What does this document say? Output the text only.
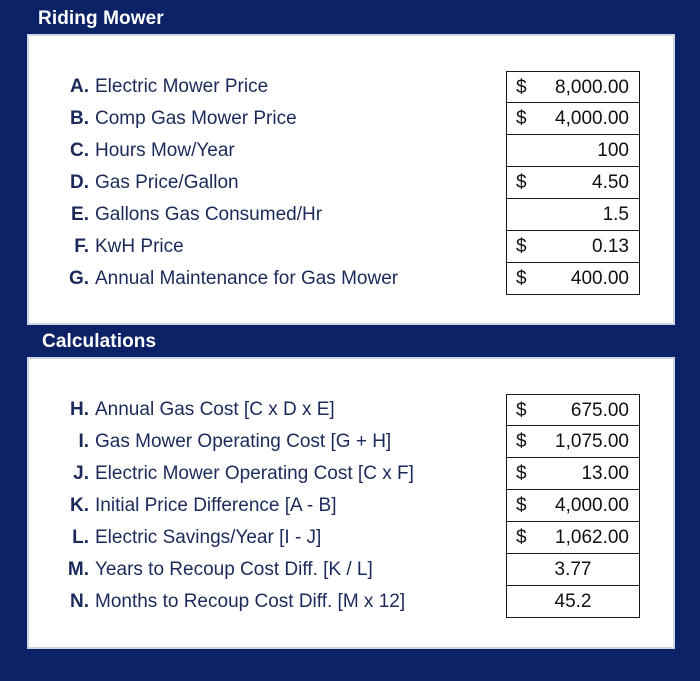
Riding Mower
A. Electric Mower Price	$ 8,000.00
B. Comp Gas Mower Price	$ 4,000.00
C. Hours Mow/Year	100
D. Gas Price/Gallon	$	4.50
E. Gallons Gas Consumed/Hr	1.5
F. KwH Price	$	0.13
G. Annual Maintenance for Gas Mower	$ 400.00
Calculations
H. Annual Gas Cost [C x D x E]	$ 675.00
I. Gas Mower Operating Cost [G + H]	$ 1,075.00
J. Electric Mower Operating Cost [C x F]	$	13.00
K. Initial Price Difference [A - B]	$ 4,000.00
L. Electric Savings/Year [I - J]	$ 1,062.00
M. Years to Recoup Cost Diff. [K / L]	3.77
N. Months to Recoup Cost Diff. [M x 12]	45.2
